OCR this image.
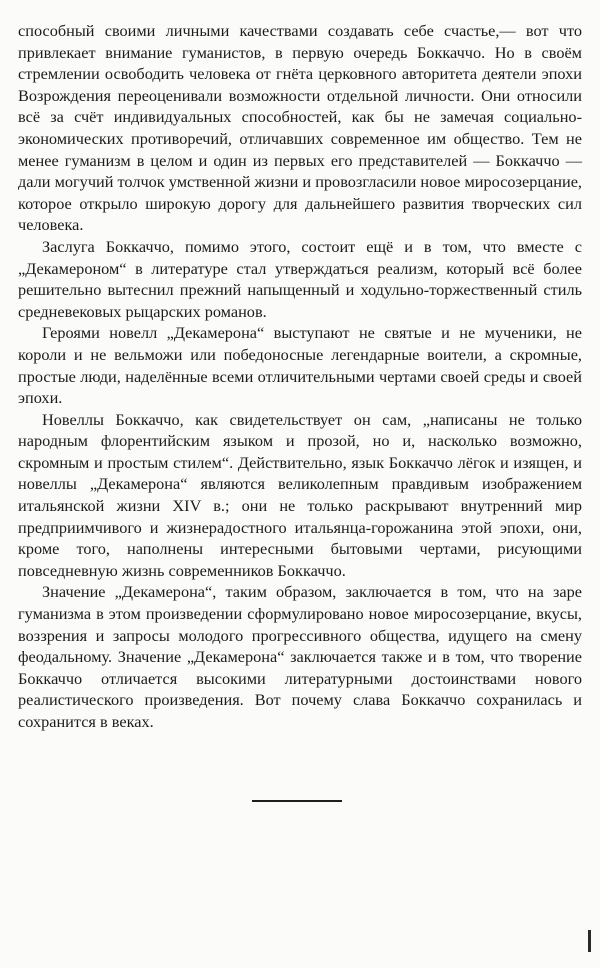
способный своими личными качествами создавать себе счастье,— вот что привлекает внимание гуманистов, в первую очередь Боккаччо. Но в своём стремлении освободить человека от гнёта церковного авторитета деятели эпохи Возрождения переоценивали возможности отдельной личности. Они относили всё за счёт индивидуальных способностей, как бы не замечая социально-экономических противоречий, отличавших современное им общество. Тем не менее гуманизм в целом и один из первых его представителей — Боккаччо — дали могучий толчок умственной жизни и провозгласили новое миросозерцание, которое открыло широкую дорогу для дальнейшего развития творческих сил человека.

Заслуга Боккаччо, помимо этого, состоит ещё и в том, что вместе с „Декамероном“ в литературе стал утверждаться реализм, который всё более решительно вытеснил прежний напыщенный и ходульно-торжественный стиль средневековых рыцарских романов.

Героями новелл „Декамерона“ выступают не святые и не мученики, не короли и не вельможи или победоносные легендарные воители, а скромные, простые люди, наделённые всеми отличительными чертами своей среды и своей эпохи.

Новеллы Боккаччо, как свидетельствует он сам, „написаны не только народным флорентийским языком и прозой, но и, насколько возможно, скромным и простым стилем“. Действительно, язык Боккаччо лёгок и изящен, и новеллы „Декамерона“ являются великолепным правдивым изображением итальянской жизни XIV в.; они не только раскрывают внутренний мир предприимчивого и жизнерадостного итальянца-горожанина этой эпохи, они, кроме того, наполнены интересными бытовыми чертами, рисующими повседневную жизнь современников Боккаччо.

Значение „Декамерона“, таким образом, заключается в том, что на заре гуманизма в этом произведении сформулировано новое миросозерцание, вкусы, воззрения и запросы молодого прогрессивного общества, идущего на смену феодальному. Значение „Декамерона“ заключается также и в том, что творение Боккаччо отличается высокими литературными достоинствами нового реалистического произведения. Вот почему слава Боккаччо сохранилась и сохранится в веках.
